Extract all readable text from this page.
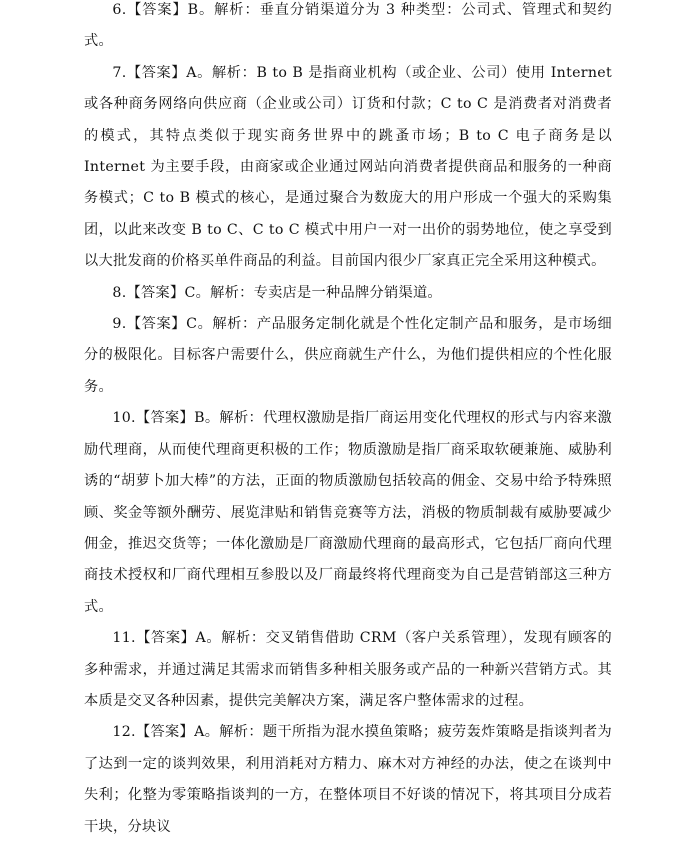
6.【答案】B。解析：垂直分销渠道分为 3 种类型：公司式、管理式和契约式。

7.【答案】A。解析：B to B 是指商业机构（或企业、公司）使用 Internet 或各种商务网络向供应商（企业或公司）订货和付款；C to C 是消费者对消费者的模式，其特点类似于现实商务世界中的跳蚤市场；B to C 电子商务是以 Internet 为主要手段，由商家或企业通过网站向消费者提供商品和服务的一种商务模式；C to B 模式的核心，是通过聚合为数庞大的用户形成一个强大的采购集团，以此来改变 B to C、C to C 模式中用户一对一出价的弱势地位，使之享受到以大批发商的价格买单件商品的利益。目前国内很少厂家真正完全采用这种模式。

8.【答案】C。解析：专卖店是一种品牌分销渠道。

9.【答案】C。解析：产品服务定制化就是个性化定制产品和服务，是市场细分的极限化。目标客户需要什么，供应商就生产什么，为他们提供相应的个性化服务。

10.【答案】B。解析：代理权激励是指厂商运用变化代理权的形式与内容来激励代理商，从而使代理商更积极的工作；物质激励是指厂商采取软硬兼施、威胁利诱的“胡萝卜加大棒”的方法，正面的物质激励包括较高的佣金、交易中给予特殊照顾、奖金等额外酬劳、展览津贴和销售竞赛等方法，消极的物质制裁有威胁要减少佣金，推迟交货等；一体化激励是厂商激励代理商的最高形式，它包括厂商向代理商技术授权和厂商代理相互参股以及厂商最终将代理商变为自己是营销部这三种方式。

11.【答案】A。解析：交叉销售借助 CRM（客户关系管理），发现有顾客的多种需求，并通过满足其需求而销售多种相关服务或产品的一种新兴营销方式。其本质是交叉各种因素，提供完美解决方案，满足客户整体需求的过程。

12.【答案】A。解析：题干所指为混水摸鱼策略；疲劳轰炸策略是指谈判者为了达到一定的谈判效果，利用消耗对方精力、麻木对方神经的办法，使之在谈判中失利；化整为零策略指谈判的一方，在整体项目不好谈的情况下，将其项目分成若干块，分块议
